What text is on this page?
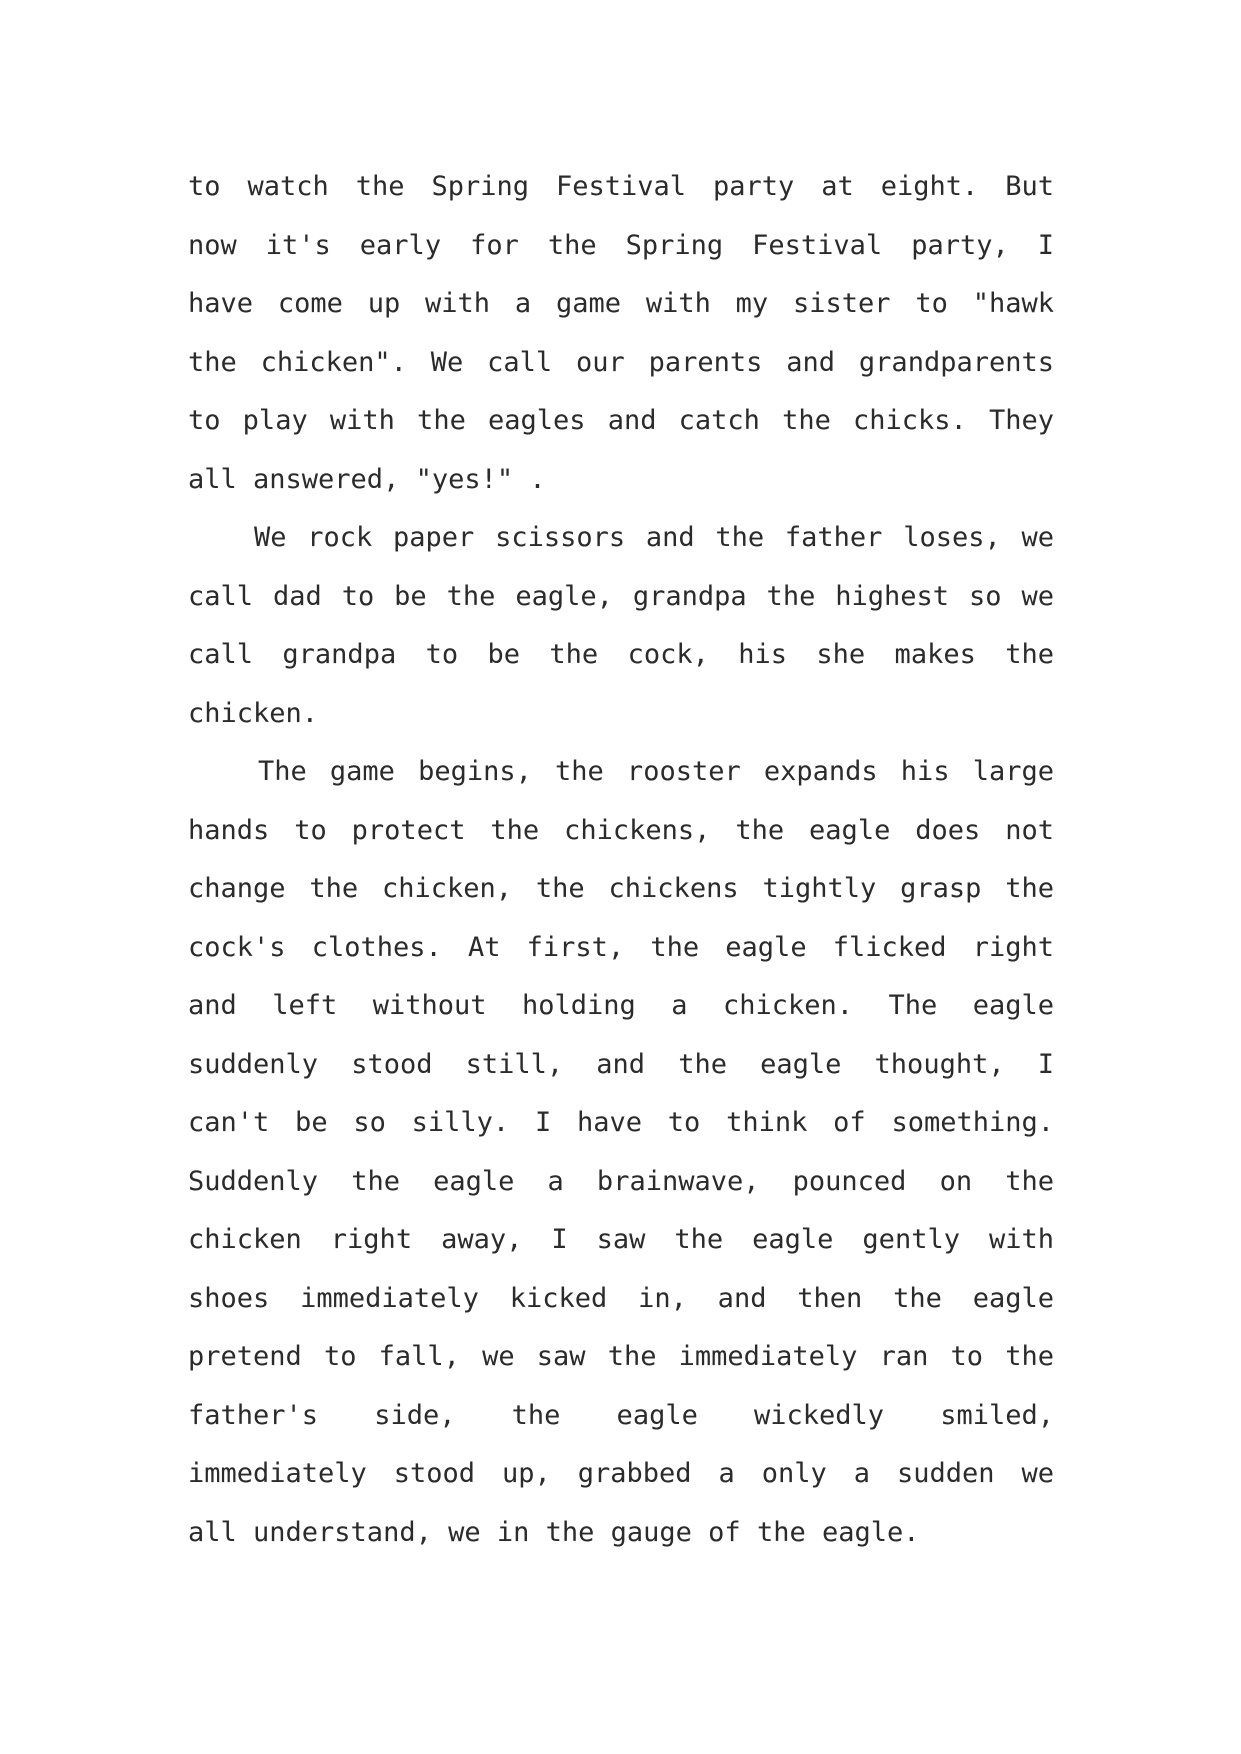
to watch the Spring Festival party at eight. But
now it's early for the Spring Festival party, I
have come up with a game with my sister to "hawk
the chicken". We call our parents and grandparents
to play with the eagles and catch the chicks. They
all answered, "yes!" .
We rock paper scissors and the father loses, we
call dad to be the eagle, grandpa the highest so we
call grandpa to be the cock, his she makes the
chicken.
The game begins, the rooster expands his large
hands to protect the chickens, the eagle does not
change the chicken, the chickens tightly grasp the
cock's clothes. At first, the eagle flicked right
and left without holding a chicken. The eagle
suddenly stood still, and the eagle thought, I
can't be so silly. I have to think of something.
Suddenly the eagle a brainwave, pounced on the
chicken right away, I saw the eagle gently with
shoes immediately kicked in, and then the eagle
pretend to fall, we saw the immediately ran to the
father's side, the eagle wickedly smiled,
immediately stood up, grabbed a only a sudden we
all understand, we in the gauge of the eagle.
